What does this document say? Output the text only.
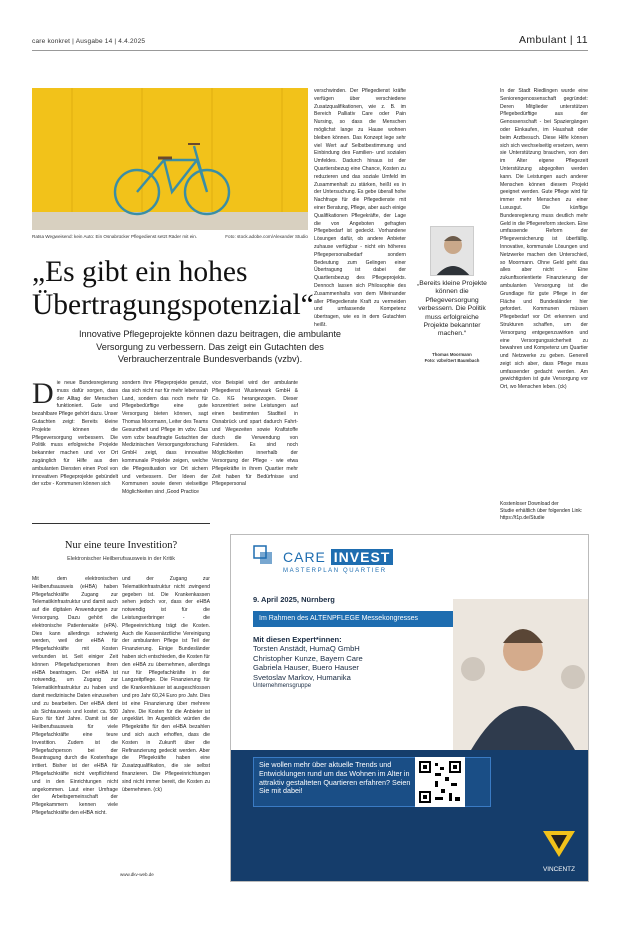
care konkret | Ausgabe 14 | 4.4.2025	Ambulant | 11
Ratsa Wegweisend: kein Auto: Ein Osnabrücker Pflegedienst setzt Räder mit ein.	Foto: stock.adobe.com/Alexander Studio
„Es gibt ein hohes Übertragungspotenzial“
Innovative Pflegeprojekte können dazu beitragen, die ambulante Versorgung zu verbessern. Das zeigt ein Gutachten des Verbraucherzentrale Bundesverbands (vzbv).
Die neue Bundesregierung muss dafür sorgen, dass der Alltag der Menschen funktioniert. Gute und bezahlbare Pflege gehört dazu. Unser Gutachten zeigt: Bereits kleine Projekte können die Pflegeversorgung verbessern. Die Politik muss erfolgreiche Projekte bekannter machen und vor Ort zugänglich für Hilfe aus den ambulanten Diensten einen Pool von innovativen Pflegeprojekte gebündelt der vzbv - Kommunen können sich
sondern ihre Pflegeprojekte genutzt, das sich nicht nur für mehr lebensnah Land, sondern das noch mehr für Pflegebedürftige eine gute Versorgung bieten können, sagt Thomas Moormann, Leiter des Teams Gesundheit und Pflege im vzbv. Das vom vzbv beauftragte Gutachten der Medizinischen Versorgungsforschung GmbH zeigt, dass innovative kommunale Projekte zeigen, welche die Pflegesituation vor Ort sichern und verbessern. Der Ideen der Kommunen sowie deren vielseitige Möglichkeiten sind ,Good Practice
vice Beispiel wird der ambulante Pflegedienst Wusterwark GmbH & Co. KG herangezogen. Dieser konzentriert seine Leistungen auf einen bestimmten Stadtteil in Osnabrück und spart dadurch Fahrt- und Wegezeiten sowie Kraftstoffe durch die Verwendung von Fahrrädern. Es sind noch Möglichkeiten innerhalb der Versorgung der Pflege - wie etwa Pflegekräfte in ihrem Quartier mehr Zeit haben für Bedürfnisse und Pflegepersonal
verschwinden. Der Pflegedienst kräfte verfügen über verschiedene Zusatzqualifikationen, wie z. B. im Bereich Palliativ Care oder Pain Nursing, so dass die Menschen möglichst lange zu Hause wohnen bleiben können. Das Konzept lege sehr viel Wert auf Selbstbestimmung und Einbindung des Familien- und sozialen Umfeldes. Dadurch hinaus ist der Quartiersbezug eine Chance, Kosten zu reduzieren und das soziale Umfeld im Zusammenhalt zu stärken, heißt es in der Untersuchung. Es gebe überall hohe Nachfrage für die Pflegedienste mit einer Beratung, Pflege, aber auch einige Qualifikationen Pflegekräfte, der Lage die von Angeboten gefragten Pflegebedarf ist gedeckt. Vorhandene Lösungen dafür, ob andere Anbieter zuhause verfügbar - nicht ein höheres Pflegepersonalbedarf sondern Bedeutung zum Gelingen einer Übertragung ist dabei der Quartiersbezug des Pflegeprojekts. Dennoch lassen sich Philosophie des Zusammenhalts von dem Miteinander aller Pflegedienste Kraft zu vermeiden und umfassende Kompetenz übertragen, wie es in dem Gutachten heißt.
„Bereits kleine Projekte können die Pflegeversorgung verbessern. Die Politik muss erfolgreiche Projekte bekannter machen.“
Thomas Moormann
Foto: vzbv/Gert Baumbach
In der Stadt Riedlingen wurde eine Seniorengenossenschaft gegründet: Deren Mitglieder unterstützen Pflegebedürftige aus der Genossenschaft - bei Spaziergängen oder Einkaufen, im Haushalt oder beim Arztbesuch. Diese Hilfe können sich sich wechselseitig ersetzen, wenn sie Unterstützung brauchen, von den im Alter eigene Pflegezeit Unterstützung abgegolten werden kann. Die Leistungen auch anderer Menschen können diesem Projekt geeignet werden. Gute Pflege wird für immer mehr Menschen zu einer Luxusgut. Die künftige Bundesregierung muss deutlich mehr Geld in die Pflegereform stecken. Eine umfassende Reform der Pflegeversicherung ist überfällig. Innovative, kommunale Lösungen und Netzwerke machen den Unterschied, so Moormann. Ohne Geld geht das alles aber nicht - Eine zukunftsorientierte Finanzierung der ambulanten Versorgung ist die Grundlage für gute Pflege in der Fläche und Bundesländer hier gefordert. Kommunen müssen Pflegebedarf vor Ort erkennen und Strukturen schaffen, um der Versorgung entgegenzuwirken und eine Versorgungssicherheit zu bewahren und Kompetenz um Quartier und Netzwerke zu geben. Generell zeigt sich aber, dass Pflege muss umfassender gedacht werden. Am gewichtigsten ist gute Versorgung vor Ort, wo Menschen leben. (ck)
Kostenloser Download der
Studie erhältlich über folgenden Link: https://t1p.de/Studie
Nur eine teure Investition?
Elektronischer Heilberufsausweis in der Kritik
Mit dem elektronischen Heilberufsausweis (eHBA) haben Pflegefachkräfte Zugang zur Telematikinfrastruktur und damit auch auf die digitalen Anwendungen zur Versorgung. Dazu gehört die elektronische Patientenakte (ePA). Dies kann allerdings schwierig werden, weil der eHBA für Pflegefachkräfte mit Kosten verbunden ist. Seit einiger Zeit können Pflegefachpersonen ihren eHBA beantragen. Der eHBA ist notwendig, um Zugang zur Telematikinfrastruktur zu haben und damit medizinische Daten einzusehen und zu bearbeiten. Der eHBA dient als Sichtausweis und kostet ca. 500 Euro für fünf Jahre. Damit ist der Heilberufsausweis für viele Pflegefachkräfte eine teure Investition. Zudem ist die Pflegefachperson bei der Beantragung durch die Kostenfrage irritiert. Bisher ist der eHBA für Pflegefachkräfte nicht verpflichtend und in den Einrichtungen nicht angekommen. Laut einer Umfrage der Arbeitsgemeinschaft der Pflegekammern kennen viele Pflegefachkräfte den eHBA nicht.
und der Zugang zur Telematikinfrastruktur nicht zwingend gegeben ist. Die Krankenkassen sehen jedoch vor, dass der eHBA notwendig ist für die Leistungserbringer - die Pflegeeinrichtung trägt die Kosten. Auch die Kassenärztliche Vereinigung der ambulanten Pflege ist Teil der Finanzierung. Einige Bundesländer haben sich entschieden, die Kosten für den eHBA zu übernehmen, allerdings nur für Pflegefachkräfte in der Langzeitpflege. Die Finanzierung für die Krankenhäuser ist ausgeschlossen und pro Jahr 60,24 Euro pro Jahr. Dies ist eine Finanzierung über mehrere Jahre. Die Kosten für die Anbieter ist ungeklärt. Im Augenblick würden die Pflegekräfte für den eHBA bezahlen und sich auch erhoffen, dass die Kosten in Zukunft über die Refinanzierung gedeckt werden. Aber die Pflegekräfte haben eine Zusatzqualifikation, die sie selbst finanzieren. Die Pflegeeinrichtungen sind nicht immer bereit, die Kosten zu übernehmen. (ck)
www.dkv-web.de
CARE INVEST
MASTERPLAN QUARTIER
9. April 2025, Nürnberg
Im Rahmen des ALTENPFLEGE Messekongresses
Mit diesen Expert*innen:
Torsten Anstädt, HumaQ GmbH
Christopher Kunze, Bayern Care
Gabriela Hauser, Buero Hauser
Svetoslav Markov, Humanika
Unternehmensgruppe
Sie wollen mehr über aktuelle Trends und Entwicklungen rund um das Wohnen im Alter in attraktiv gestalteten Quartieren erfahren? Seien Sie mit dabei!
VINCENTZ
